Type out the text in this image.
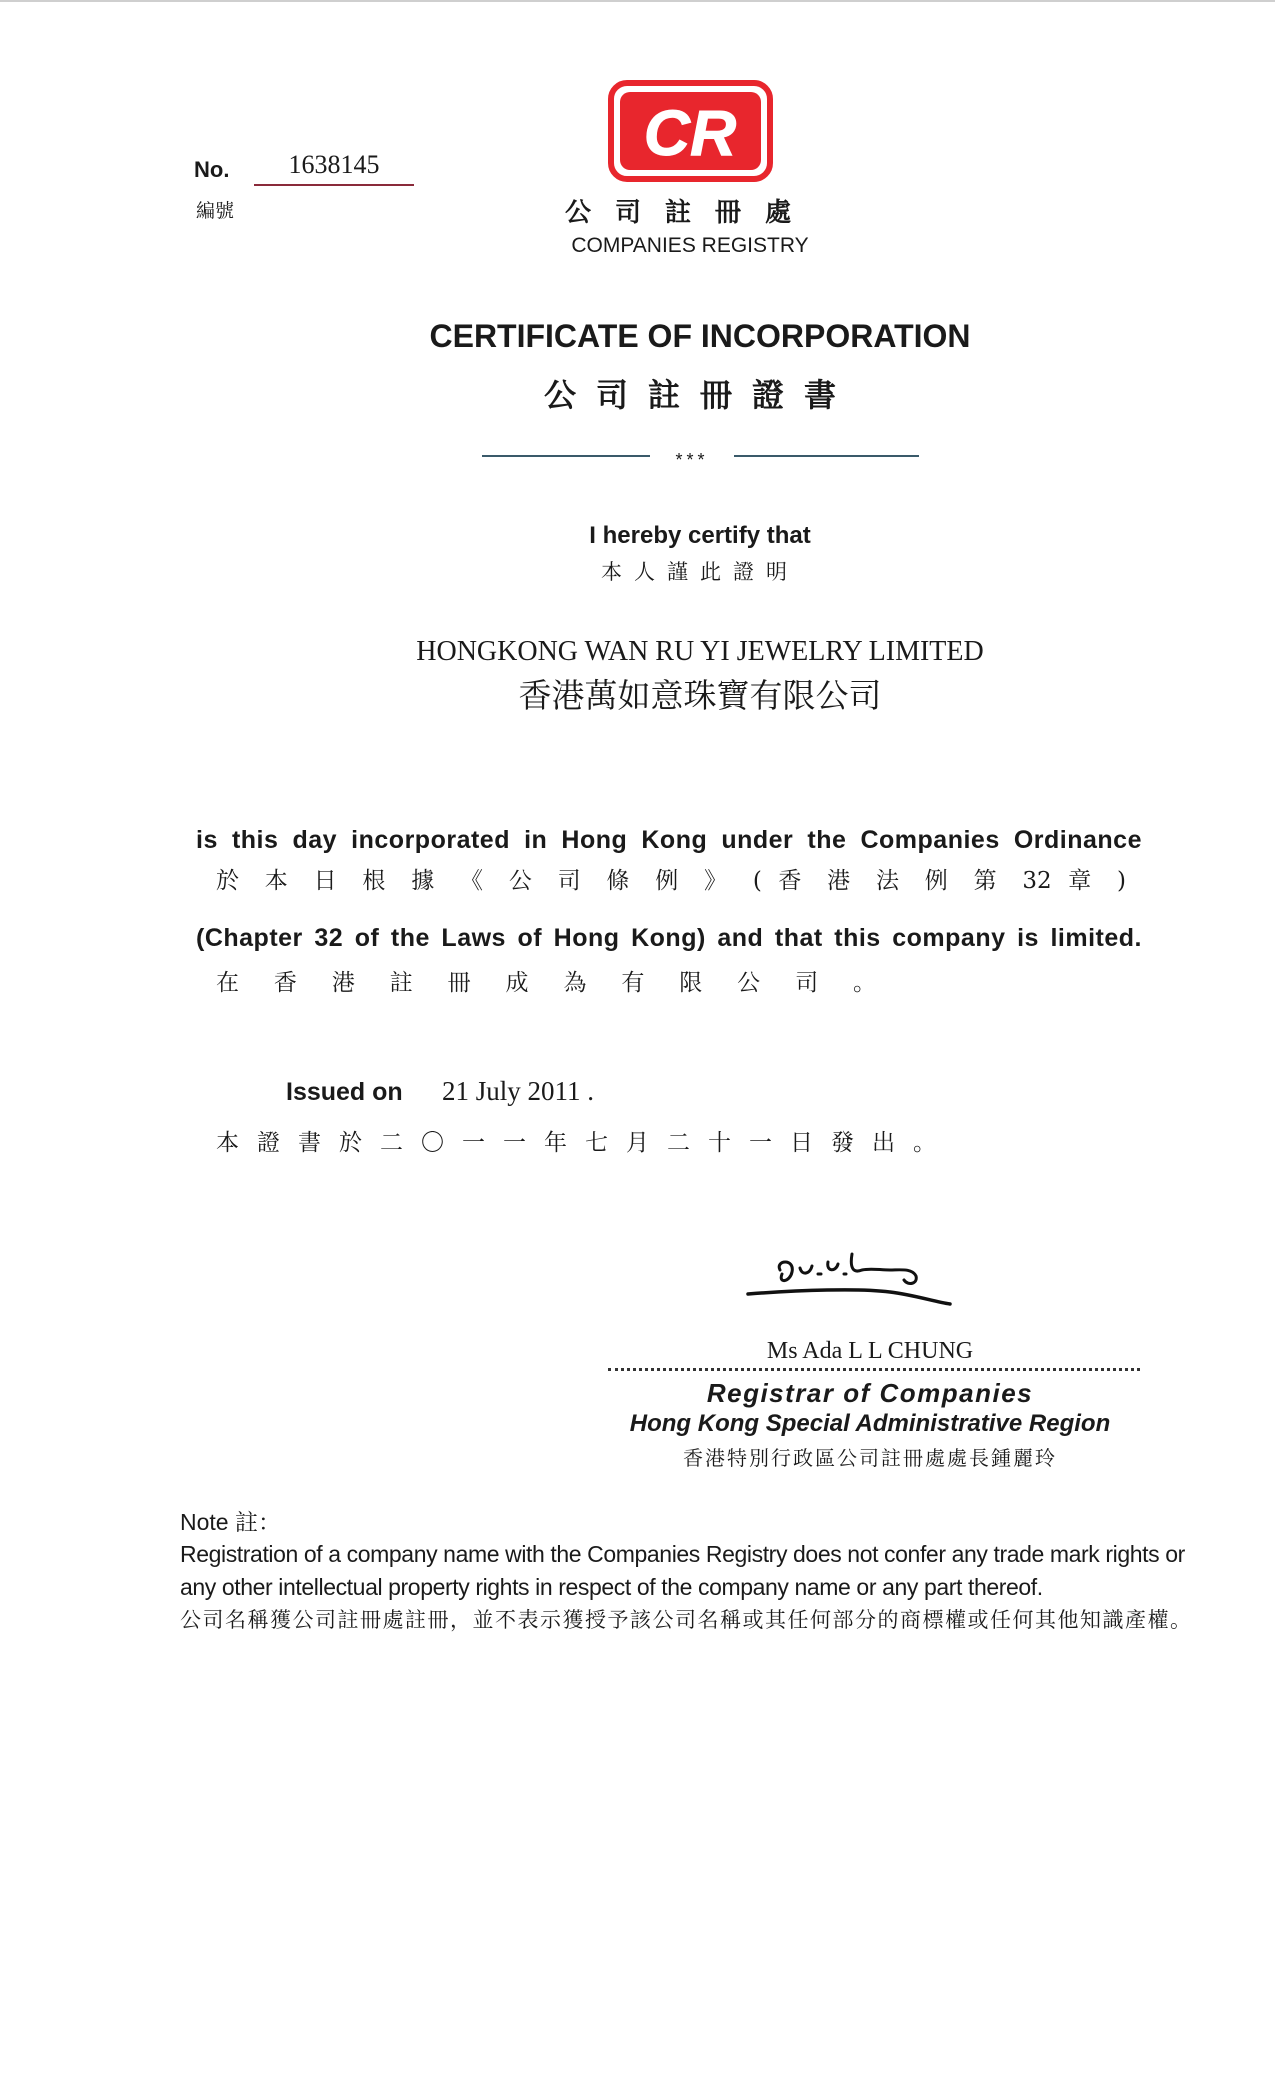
No.
編號
1638145	CR
公司註冊處
COMPANIES REGISTRY
CERTIFICATE OF INCORPORATION
公司註冊證書
***
I hereby certify that
本人謹此證明
HONGKONG WAN RU YI JEWELRY LIMITED
香港萬如意珠寶有限公司
is this day incorporated in Hong Kong under the Companies Ordinance
於 本 日 根 據 《 公 司 條 例 》 ( 香 港 法 例 第 32 章 )
(Chapter 32 of the Laws of Hong Kong) and that this company is limited.
在 香 港 註 冊 成 為 有 限 公 司 。
Issued on 21 July 2011 .
本 證 書 於 二 〇 一 一 年 七 月 二 十 一 日 發 出 。
Ms Ada L L CHUNG
Registrar of Companies
Hong Kong Special Administrative Region
香港特別行政區公司註冊處處長鍾麗玲
Note 註：
Registration of a company name with the Companies Registry does not confer any trade mark rights or any other intellectual property rights in respect of the company name or any part thereof.
公司名稱獲公司註冊處註冊，並不表示獲授予該公司名稱或其任何部分的商標權或任何其他知識產權。
